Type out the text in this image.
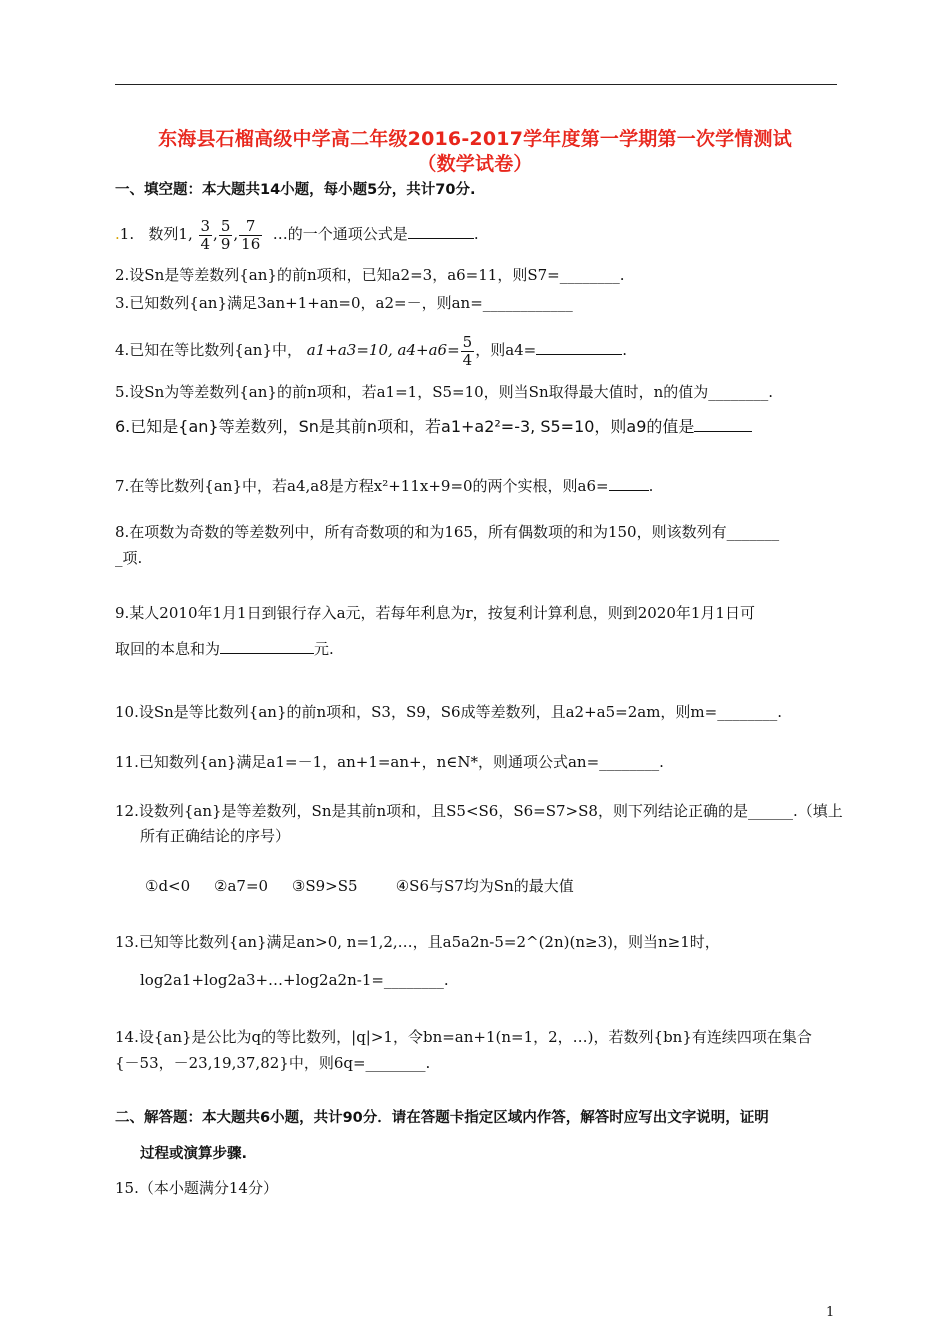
东海县石榴高级中学高二年级2016-2017学年度第一学期第一次学情测试
（数学试卷）
一、填空题：本大题共14小题，每小题5分，共计70分.
.1. 数列1, $\frac{3}{4}$ , $\frac{5}{9}$ , $\frac{7}{16}$ …的一个通项公式是	.
2.设Sn是等差数列{an}的前n项和，已知a2=3，a6=11，则S7=________.
3.已知数列{an}满足3an+1+an=0，a2=－，则an=____________
4.已知在等比数列{an}中， a1+a3=10, $a4+a6= \frac{5}{4}$ ，则a4=	.
5.设Sn为等差数列{an}的前n项和，若a1=1，S5=10，则当Sn取得最大值时，n的值为________.
6.已知是{an}等差数列，Sn是其前n项和，若a1+a2²=-3, S5=10，则a9的值是
7.在等比数列{an}中，若a4,a8是方程x²+11x+9=0的两个实根，则a6=	.
8.在项数为奇数的等差数列中，所有奇数项的和为165，所有偶数项的和为150，则该数列有_______
_项.
9.某人2010年1月1日到银行存入a元，若每年利息为r，按复利计算利息，则到2020年1月1日可
取回的本息和为	元.
10.设Sn是等比数列{an}的前n项和，S3，S9，S6成等差数列，且a2+a5=2am，则m=________.
11.已知数列{an}满足a1=－1，an+1=an+，n∈N*，则通项公式an=________.
12.设数列{an}是等差数列，Sn是其前n项和，且S5<S6，S6=S7>S8，则下列结论正确的是______.（填上
所有正确结论的序号）
①d<0 ②a7=0 ③S9>S5	④S6与S7均为Sn的最大值
13.已知等比数列{an}满足an>0, n=1,2,…，且a5a2n-5=2^(2n)(n≥3)，则当n≥1时，
log2a1+log2a3+…+log2a2n-1=________.
14.设{an}是公比为q的等比数列，|q|>1，令bn=an+1(n=1，2，…)，若数列{bn}有连续四项在集合
{－53，－23,19,37,82}中，则6q=________.
二、解答题：本大题共6小题，共计90分．请在答题卡指定区域内作答，解答时应写出文字说明，证明
过程或演算步骤.
15.（本小题满分14分）
1
